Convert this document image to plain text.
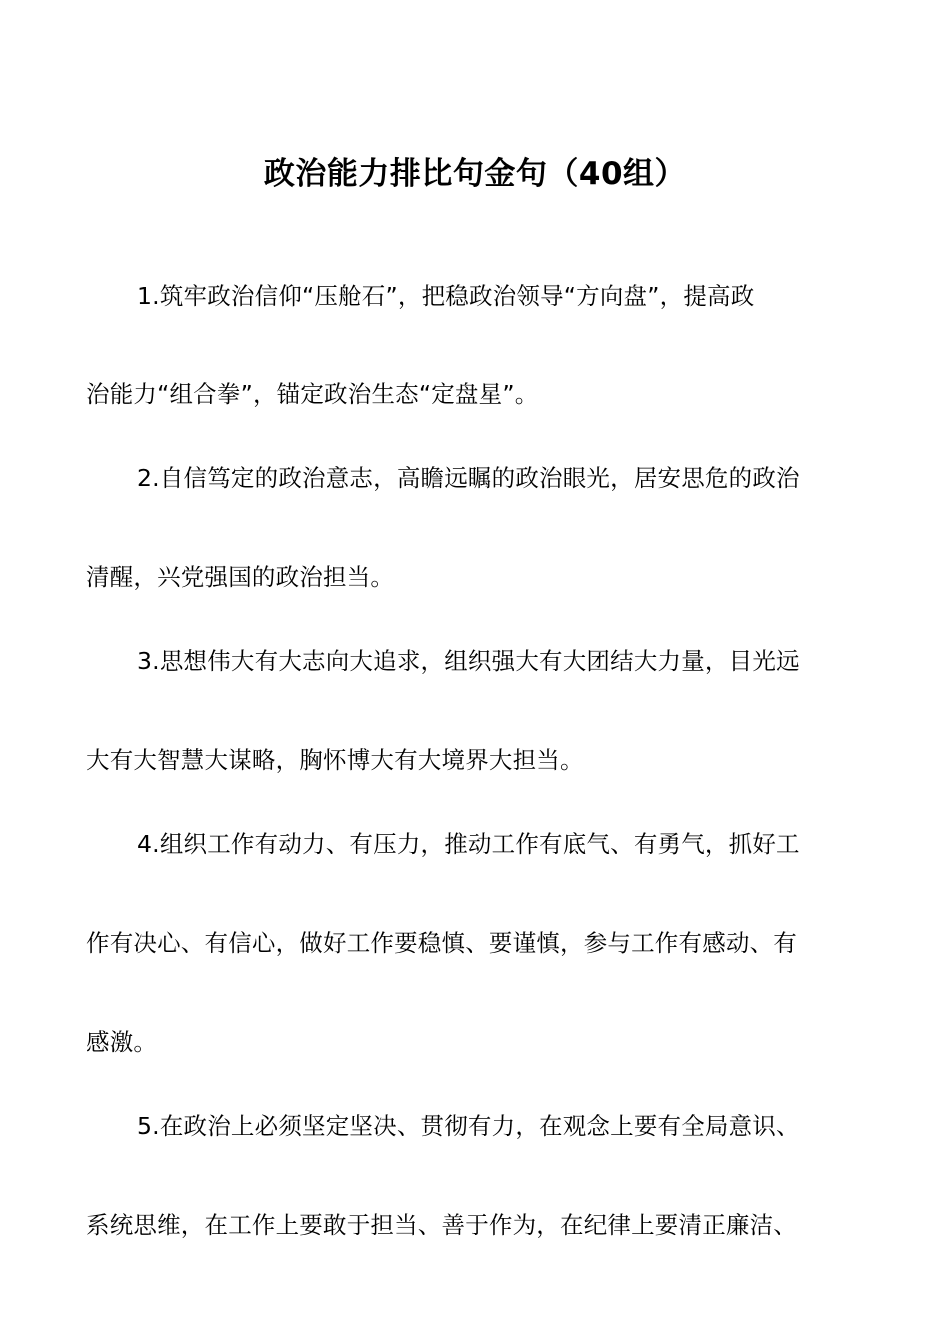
政治能力排比句金句（40组）
1.筑牢政治信仰“压舱石”，把稳政治领导“方向盘”，提高政
治能力“组合拳”，锚定政治生态“定盘星”。
2.自信笃定的政治意志，高瞻远瞩的政治眼光，居安思危的政治
清醒，兴党强国的政治担当。
3.思想伟大有大志向大追求，组织强大有大团结大力量，目光远
大有大智慧大谋略，胸怀博大有大境界大担当。
4.组织工作有动力、有压力，推动工作有底气、有勇气，抓好工
作有决心、有信心，做好工作要稳慎、要谨慎，参与工作有感动、有
感激。
5.在政治上必须坚定坚决、贯彻有力，在观念上要有全局意识、
系统思维，在工作上要敢于担当、善于作为，在纪律上要清正廉洁、
